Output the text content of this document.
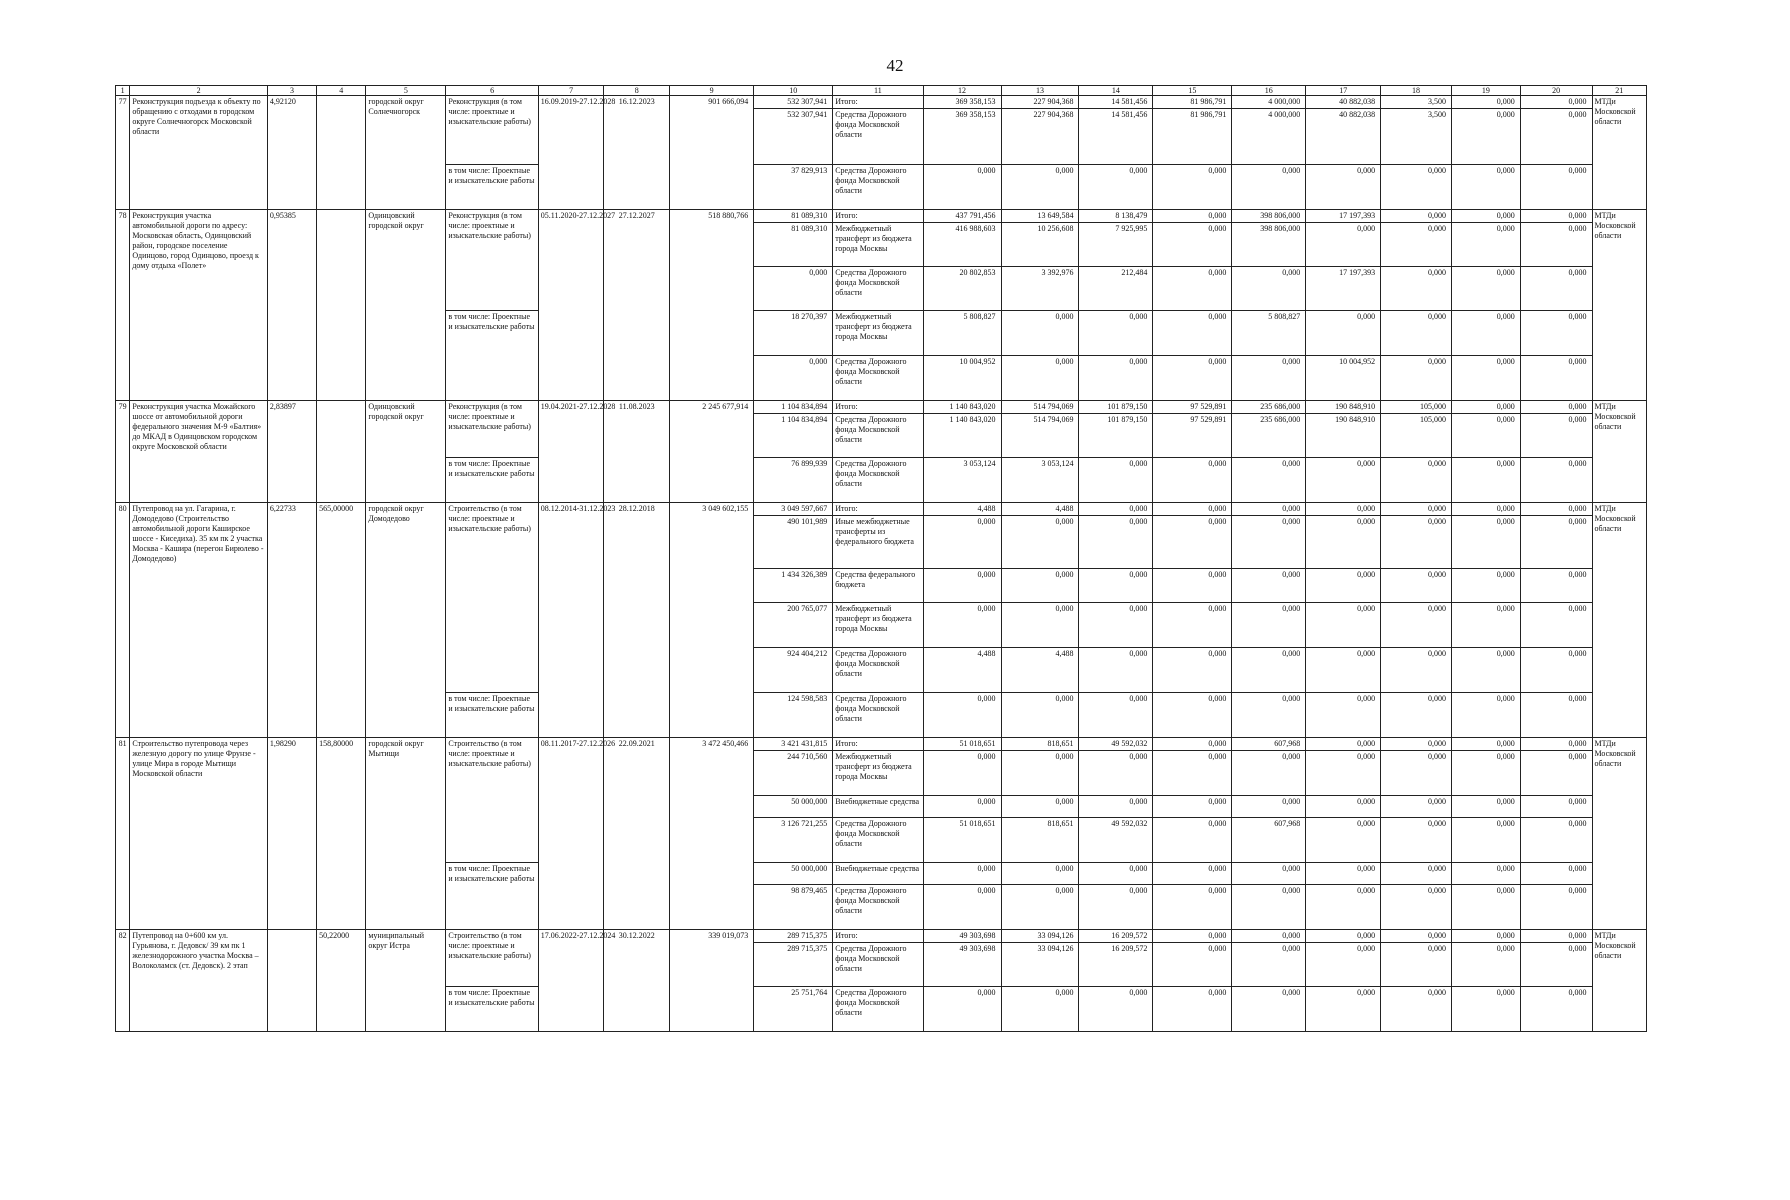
42
1	2	3	4	5	6	7	8	9	10	11	12	13	14	15	16	17	18	19	20	21
77	Реконструкция подъезда к объекту по обращению с отходами в городском округе Солнечногорск Московской области	4,92120		городской округ Солнечногорск	Реконструкция (в том числе: проектные и изыскательские работы)	16.09.2019-27.12.2028	16.12.2023	901 666,094	532 307,941	Итого:	369 358,153	227 904,368	14 581,456	81 986,791	4 000,000	40 882,038	3,500	0,000	0,000	МТДи Московской области
									532 307,941	Средства Дорожного фонда Московской области	369 358,153	227 904,368	14 581,456	81 986,791	4 000,000	40 882,038	3,500	0,000	0,000	
					в том числе: Проектные и изыскательские работы				37 829,913	Средства Дорожного фонда Московской области	0,000	0,000	0,000	0,000	0,000	0,000	0,000	0,000	0,000	
78	Реконструкция участка автомобильной дороги по адресу: Московская область, Одинцовский район, городское поселение Одинцово, город Одинцово, проезд к дому отдыха «Полет»	0,95385		Одинцовский городской округ	Реконструкция (в том числе: проектные и изыскательские работы)	05.11.2020-27.12.2027	27.12.2027	518 880,766	81 089,310	Итого:	437 791,456	13 649,584	8 138,479	0,000	398 806,000	17 197,393	0,000	0,000	0,000	МТДи Московской области
									81 089,310	Межбюджетный трансферт из бюджета города Москвы	416 988,603	10 256,608	7 925,995	0,000	398 806,000	0,000	0,000	0,000	0,000	
									0,000	Средства Дорожного фонда Московской области	20 802,853	3 392,976	212,484	0,000	0,000	17 197,393	0,000	0,000	0,000	
					в том числе: Проектные и изыскательские работы				18 270,397	Межбюджетный трансферт из бюджета города Москвы	5 808,827	0,000	0,000	0,000	5 808,827	0,000	0,000	0,000	0,000	
									0,000	Средства Дорожного фонда Московской области	10 004,952	0,000	0,000	0,000	0,000	10 004,952	0,000	0,000	0,000	
79	Реконструкция участка Можайского шоссе от автомобильной дороги федерального значения М-9 «Балтия» до МКАД в Одинцовском городском округе Московской области	2,83897		Одинцовский городской округ	Реконструкция (в том числе: проектные и изыскательские работы)	19.04.2021-27.12.2028	11.08.2023	2 245 677,914	1 104 834,894	Итого:	1 140 843,020	514 794,069	101 879,150	97 529,891	235 686,000	190 848,910	105,000	0,000	0,000	МТДи Московской области
									1 104 834,894	Средства Дорожного фонда Московской области	1 140 843,020	514 794,069	101 879,150	97 529,891	235 686,000	190 848,910	105,000	0,000	0,000	
					в том числе: Проектные и изыскательские работы				76 899,939	Средства Дорожного фонда Московской области	3 053,124	3 053,124	0,000	0,000	0,000	0,000	0,000	0,000	0,000	
80	Путепровод на ул. Гагарина, г. Домодедово (Строительство автомобильной дороги Каширское шоссе - Киседиха). 35 км пк 2 участка Москва - Кашира (перегон Бирюлево - Домодедово)	6,22733	565,00000	городской округ Домодедово	Строительство (в том числе: проектные и изыскательские работы)	08.12.2014-31.12.2023	28.12.2018	3 049 602,155	3 049 597,667	Итого:	4,488	4,488	0,000	0,000	0,000	0,000	0,000	0,000	0,000	МТДи Московской области
									490 101,989	Иные межбюджетные трансферты из федерального бюджета	0,000	0,000	0,000	0,000	0,000	0,000	0,000	0,000	0,000	
									1 434 326,389	Средства федерального бюджета	0,000	0,000	0,000	0,000	0,000	0,000	0,000	0,000	0,000	
									200 765,077	Межбюджетный трансферт из бюджета города Москвы	0,000	0,000	0,000	0,000	0,000	0,000	0,000	0,000	0,000	
									924 404,212	Средства Дорожного фонда Московской области	4,488	4,488	0,000	0,000	0,000	0,000	0,000	0,000	0,000	
					в том числе: Проектные и изыскательские работы				124 598,583	Средства Дорожного фонда Московской области	0,000	0,000	0,000	0,000	0,000	0,000	0,000	0,000	0,000	
81	Строительство путепровода через железную дорогу по улице Фрунзе - улице Мира в городе Мытищи Московской области	1,98290	158,80000	городской округ Мытищи	Строительство (в том числе: проектные и изыскательские работы)	08.11.2017-27.12.2026	22.09.2021	3 472 450,466	3 421 431,815	Итого:	51 018,651	818,651	49 592,032	0,000	607,968	0,000	0,000	0,000	0,000	МТДи Московской области
									244 710,560	Межбюджетный трансферт из бюджета города Москвы	0,000	0,000	0,000	0,000	0,000	0,000	0,000	0,000	0,000	
									50 000,000	Внебюджетные средства	0,000	0,000	0,000	0,000	0,000	0,000	0,000	0,000	0,000	
									3 126 721,255	Средства Дорожного фонда Московской области	51 018,651	818,651	49 592,032	0,000	607,968	0,000	0,000	0,000	0,000	
					в том числе: Проектные и изыскательские работы				50 000,000	Внебюджетные средства	0,000	0,000	0,000	0,000	0,000	0,000	0,000	0,000	0,000	
									98 879,465	Средства Дорожного фонда Московской области	0,000	0,000	0,000	0,000	0,000	0,000	0,000	0,000	0,000	
82	Путепровод на 0+600 км ул. Гурьянова, г. Дедовск/ 39 км пк 1 железнодорожного участка Москва – Волоколамск (ст. Дедовск). 2 этап		50,22000	муниципальный округ Истра	Строительство (в том числе: проектные и изыскательские работы)	17.06.2022-27.12.2024	30.12.2022	339 019,073	289 715,375	Итого:	49 303,698	33 094,126	16 209,572	0,000	0,000	0,000	0,000	0,000	0,000	МТДи Московской области
									289 715,375	Средства Дорожного фонда Московской области	49 303,698	33 094,126	16 209,572	0,000	0,000	0,000	0,000	0,000	0,000	
					в том числе: Проектные и изыскательские работы				25 751,764	Средства Дорожного фонда Московской области	0,000	0,000	0,000	0,000	0,000	0,000	0,000	0,000	0,000	
